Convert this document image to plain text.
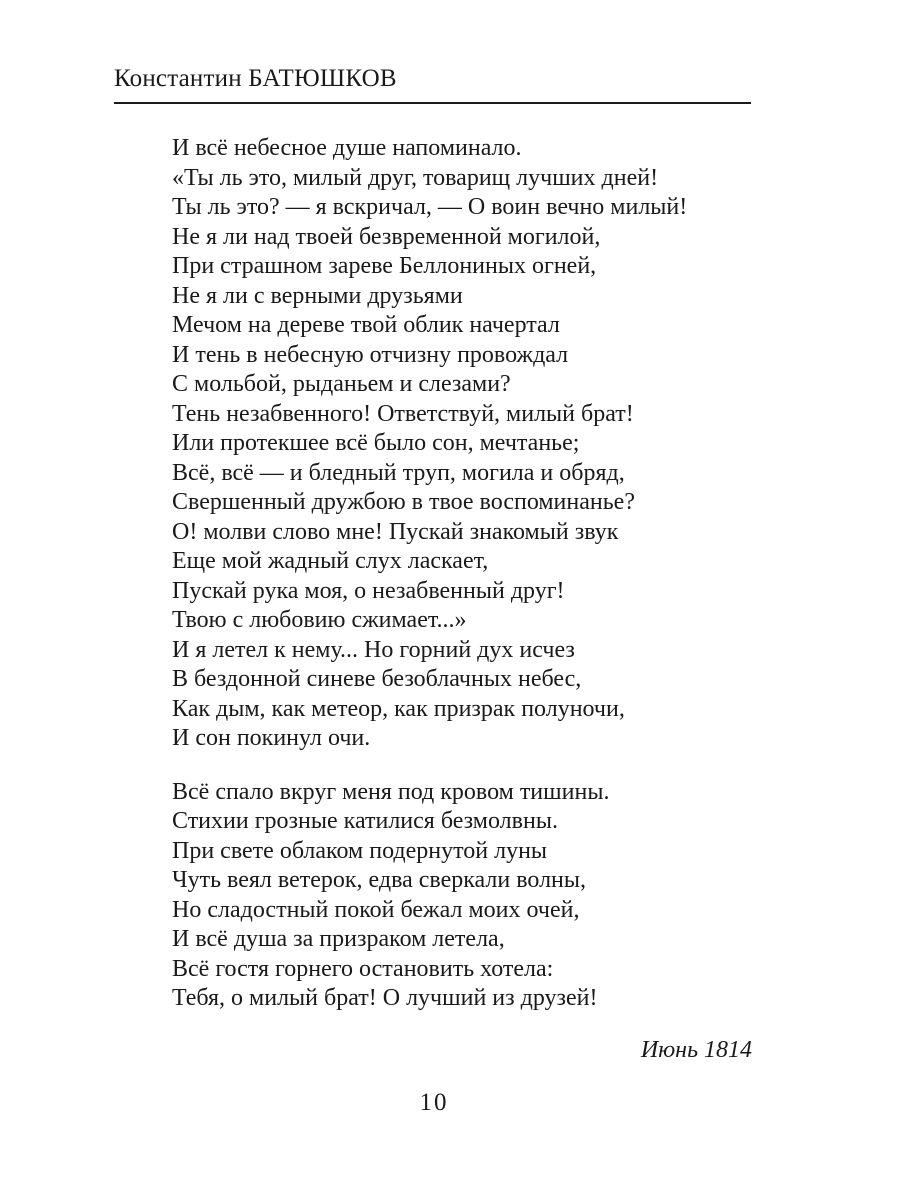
Константин БАТЮШКОВ
И всё небесное душе напоминало.
«Ты ль это, милый друг, товарищ лучших дней!
Ты ль это? — я вскричал, — О воин вечно милый!
Не я ли над твоей безвременной могилой,
При страшном зареве Беллониных огней,
Не я ли с верными друзьями
Мечом на дереве твой облик начертал
И тень в небесную отчизну провождал
С мольбой, рыданьем и слезами?
Тень незабвенного! Ответствуй, милый брат!
Или протекшее всё было сон, мечтанье;
Всё, всё — и бледный труп, могила и обряд,
Свершенный дружбою в твое воспоминанье?
О! молви слово мне! Пускай знакомый звук
Еще мой жадный слух ласкает,
Пускай рука моя, о незабвенный друг!
Твою с любовию сжимает...»
И я летел к нему... Но горний дух исчез
В бездонной синеве безоблачных небес,
Как дым, как метеор, как призрак полуночи,
И сон покинул очи.
Всё спало вкруг меня под кровом тишины.
Стихии грозные катилися безмолвны.
При свете облаком подернутой луны
Чуть веял ветерок, едва сверкали волны,
Но сладостный покой бежал моих очей,
И всё душа за призраком летела,
Всё гостя горнего остановить хотела:
Тебя, о милый брат! О лучший из друзей!
Июнь 1814
10
